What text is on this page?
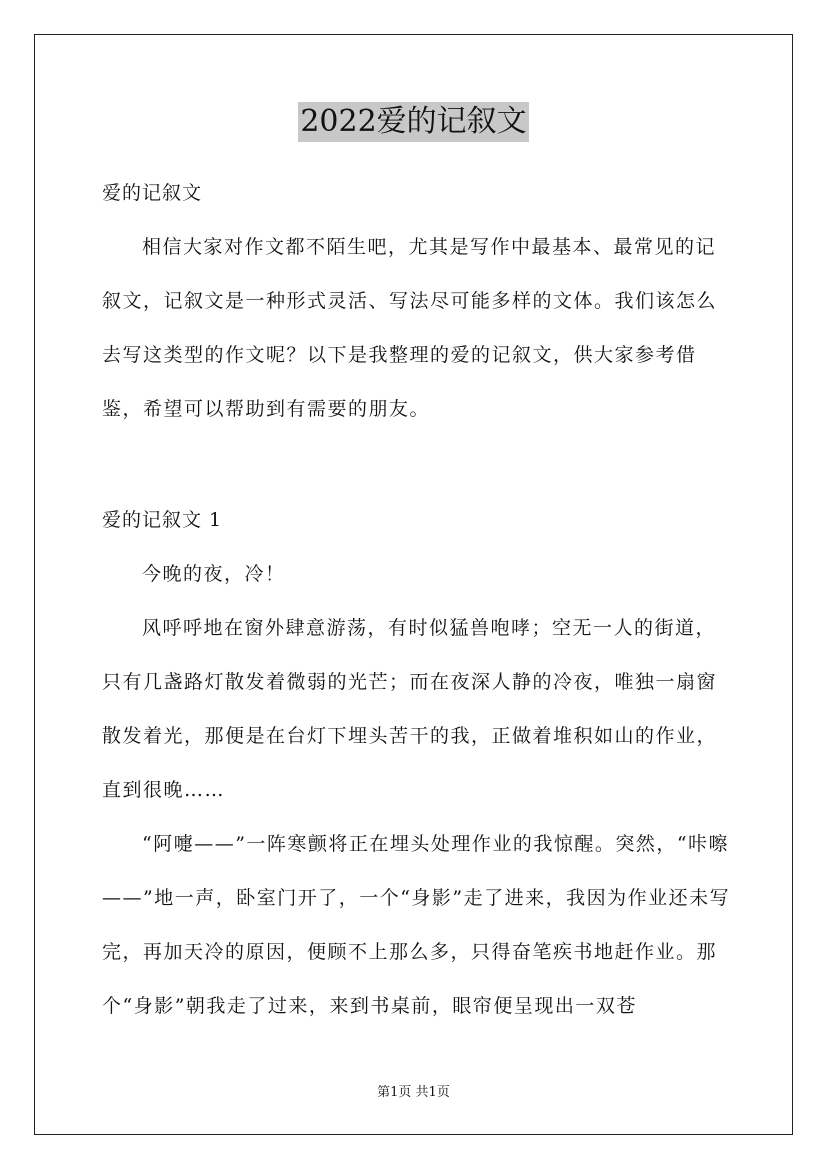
2022爱的记叙文

爱的记叙文

相信大家对作文都不陌生吧，尤其是写作中最基本、最常见的记叙文，记叙文是一种形式灵活、写法尽可能多样的文体。我们该怎么去写这类型的作文呢？以下是我整理的爱的记叙文，供大家参考借鉴，希望可以帮助到有需要的朋友。

爱的记叙文 1

今晚的夜，冷！

风呼呼地在窗外肆意游荡，有时似猛兽咆哮；空无一人的街道，只有几盏路灯散发着微弱的光芒；而在夜深人静的冷夜，唯独一扇窗散发着光，那便是在台灯下埋头苦干的我，正做着堆积如山的作业，直到很晚……

“阿嚏——”一阵寒颤将正在埋头处理作业的我惊醒。突然，“咔嚓——”地一声，卧室门开了，一个“身影”走了进来，我因为作业还未写完，再加天冷的原因，便顾不上那么多，只得奋笔疾书地赶作业。那个“身影”朝我走了过来，来到书桌前，眼帘便呈现出一双苍

第1页 共1页
